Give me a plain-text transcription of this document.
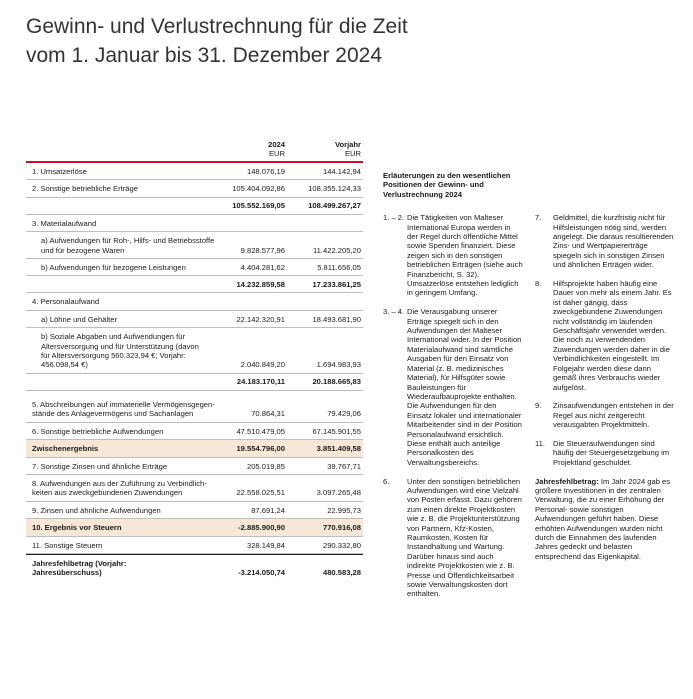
Gewinn- und Verlustrechnung für die Zeit
vom 1. Januar bis 31. Dezember 2024
2024
EUR
Vorjahr
EUR
1. Umsatzerlöse	148.076,19	144.142,94
2. Sonstige betriebliche Erträge	105.404.092,86	108.355.124,33
105.552.169,05	108.499.267,27
3. Materialaufwand
a) Aufwendungen für Roh-, Hilfs- und Betriebsstoffe und für bezogene Waren	9.828.577,96	11.422.205,20
b) Aufwendungen für bezogene Leistungen	4.404.281,62	5.811.656,05
14.232.859,58	17.233.861,25
4. Personalaufwand
a) Löhne und Gehälter	22.142.320,91	18.493.681,90
b) Soziale Abgaben und Aufwendungen für Altersversorgung und für Unterstützung (davon für Altersversorgung 560.323,94 €; Vorjahr: 456.098,54 €)	2.040.849,20	1.694.983,93
24.183.170,11	20.188.665,83
5. Abschreibungen auf immaterielle Vermögensgegen-stände des Anlagevermögens und Sachanlagen	70.864,31	79.429,06
6. Sonstige betriebliche Aufwendungen	47.510.479,05	67.145.901,55
Zwischenergebnis	19.554.796,00	3.851.409,58
7. Sonstige Zinsen und ähnliche Erträge	205.019,85	39.767,71
8. Aufwendungen aus der Zuführung zu Verbindlich-keiten aus zweckgebundenen Zuwendungen	22.558.025,51	3.097.265,48
9. Zinsen und ähnliche Aufwendungen	87.691,24	22.995,73
10. Ergebnis vor Steuern	-2.885.900,90	770.916,08
11. Sonstige Steuern	328.149,84	290.332,80
Jahresfehlbetrag (Vorjahr: Jahresüberschuss)	-3.214.050,74	480.583,28
Erläuterungen zu den wesentlichen Positionen der Gewinn- und Verlustrechnung 2024
1. – 2. Die Tätigkeiten von Malteser International Europa werden in der Regel durch öffentliche Mittel sowie Spenden finanziert. Diese zeigen sich in den sonstigen betrieblichen Erträgen (siehe auch Finanzbericht, S. 32). Umsatzerlöse entstehen lediglich in geringem Umfang.
3. – 4. Die Verausgabung unserer Erträge spiegelt sich in den Aufwendungen der Malteser International wider. In der Position Materialaufwand sind sämtliche Ausgaben für den Einsatz von Material (z. B. medizinisches Material), für Hilfsgüter sowie Bauleistungen für Wiederaufbauprojekte enthalten. Die Aufwendungen für den Einsatz lokaler und internationaler Mitarbeitender sind in der Position Personalaufwand ersichtlich. Diese enthält auch anteilige Personalkosten des Verwaltungsbereichs.
6.	Unter den sonstigen betrieblichen Aufwendungen wird eine Vielzahl von Posten erfasst. Dazu gehören zum einen direkte Projektkosten wie z. B. die Projektunterstützung von Partnern, Kfz-Kosten, Raumkosten, Kosten für Instandhaltung und Wartung. Darüber hinaus sind auch indirekte Projektkosten wie z. B. Presse und Öffentlichkeitsarbeit sowie Verwaltungskosten dort enthalten.
7.	Geldmittel, die kurzfristig nicht für Hilfsleistungen nötig sind, werden angelegt. Die daraus resultierenden Zins- und Wertpapiererträge spiegeln sich in sonstigen Zinsen und ähnlichen Erträgen wider.
8.	Hilfsprojekte haben häufig eine Dauer von mehr als einem Jahr. Es ist daher gängig, dass zweckgebundene Zuwendungen nicht vollständig im laufenden Geschäftsjahr verwendet werden. Die noch zu verwendenden Zuwendungen werden daher in die Verbindlichkeiten eingestellt. Im Folgejahr werden diese dann gemäß ihres Verbrauchs wieder aufgelöst.
9.	Zinsaufwendungen entstehen in der Regel aus nicht zeitgerecht verausgabten Projektmitteln.
11.	Die Steueraufwendungen sind häufig der Steuergesetzgebung im Projektland geschuldet.
Jahresfehlbetrag: Im Jahr 2024 gab es größere Investitionen in der zentralen Verwaltung, die zu einer Erhöhung der Personal- sowie sonstigen Aufwendungen geführt haben. Diese erhöhten Aufwendungen wurden nicht durch die Einnahmen des laufenden Jahres gedeckt und belasten entsprechend das Eigenkapital.
